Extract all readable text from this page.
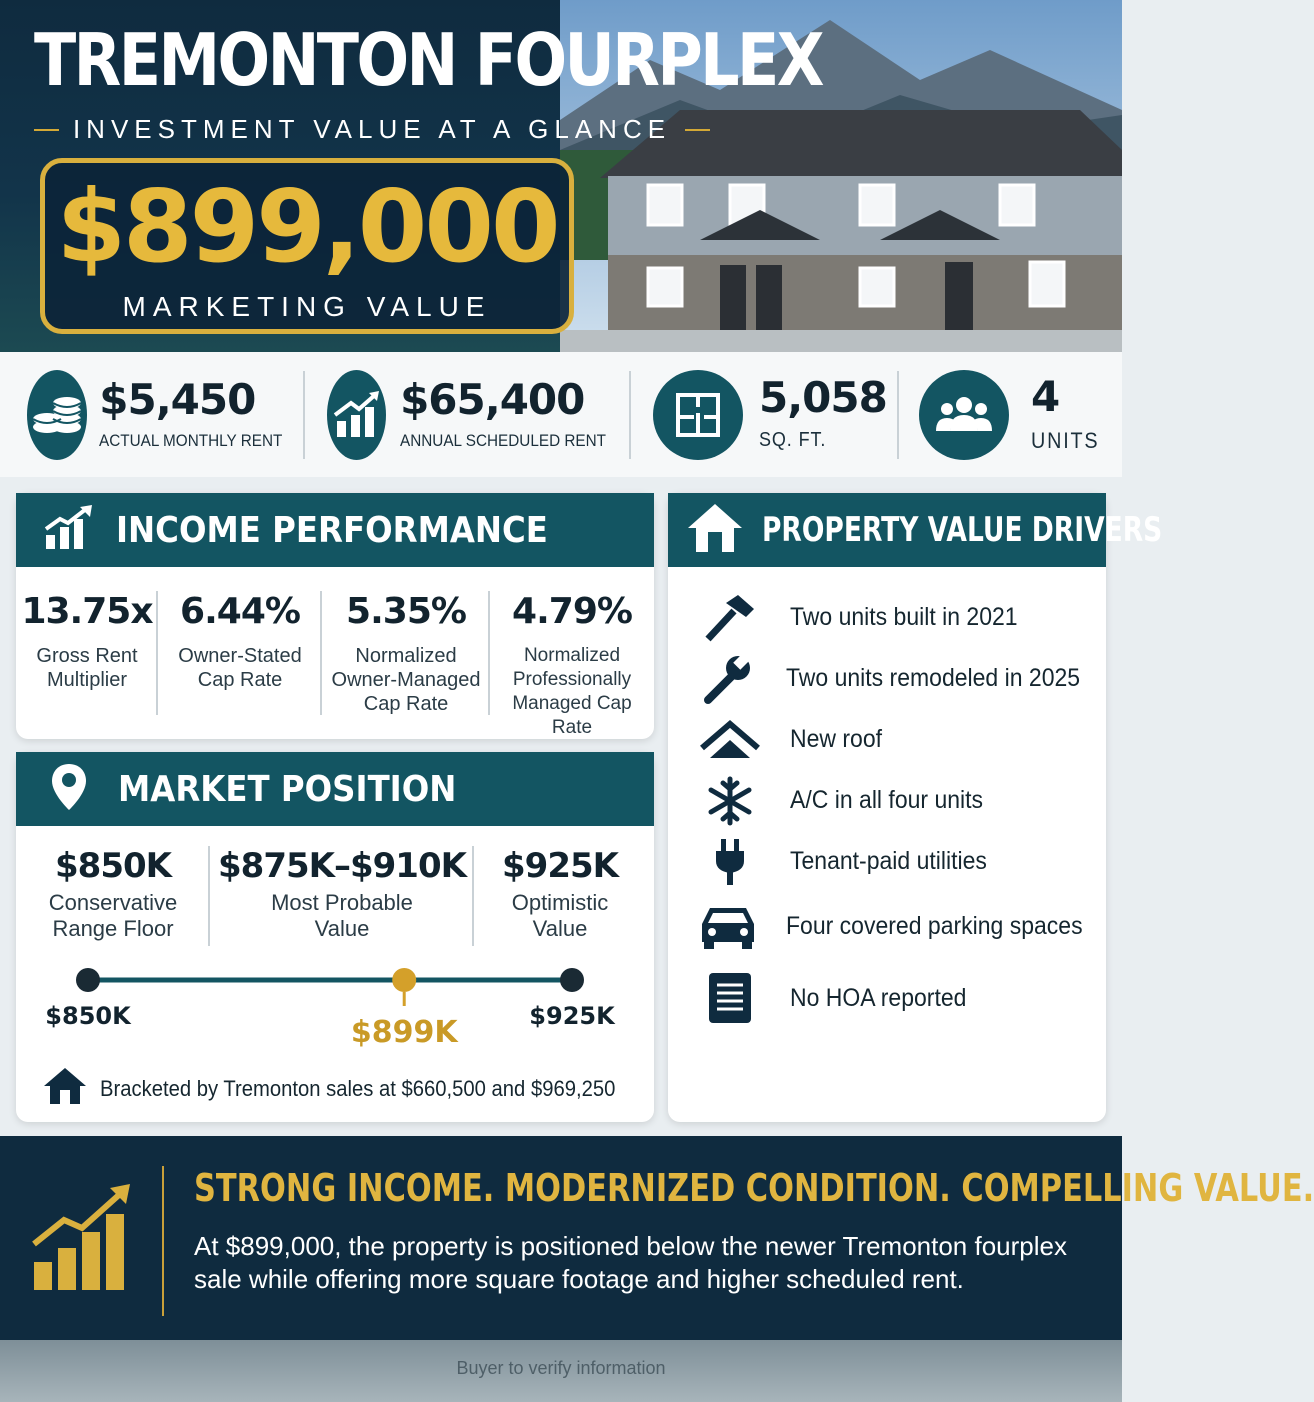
TREMONTON FOURPLEX
INVESTMENT VALUE AT A GLANCE
$899,000
MARKETING VALUE
$5,450
ACTUAL MONTHLY RENT
$65,400
ANNUAL SCHEDULED RENT
5,058
SQ. FT.
4
UNITS
INCOME PERFORMANCE
13.75x
Gross Rent
Multiplier
6.44%
Owner-Stated
Cap Rate
5.35%
Normalized
Owner-Managed
Cap Rate
4.79%
Normalized
Professionally
Managed Cap Rate
MARKET POSITION
$850K
Conservative
Range Floor
$875K–$910K
Most Probable
Value
$925K
Optimistic
Value
$850K	$925K
$899K
Bracketed by Tremonton sales at $660,500 and $969,250
PROPERTY VALUE DRIVERS
Two units built in 2021
Two units remodeled in 2025
New roof
A/C in all four units
Tenant-paid utilities
Four covered parking spaces
No HOA reported
STRONG INCOME. MODERNIZED CONDITION. COMPELLING VALUE.
At $899,000, the property is positioned below the newer Tremonton fourplex sale while offering more square footage and higher scheduled rent.
Buyer to verify information
